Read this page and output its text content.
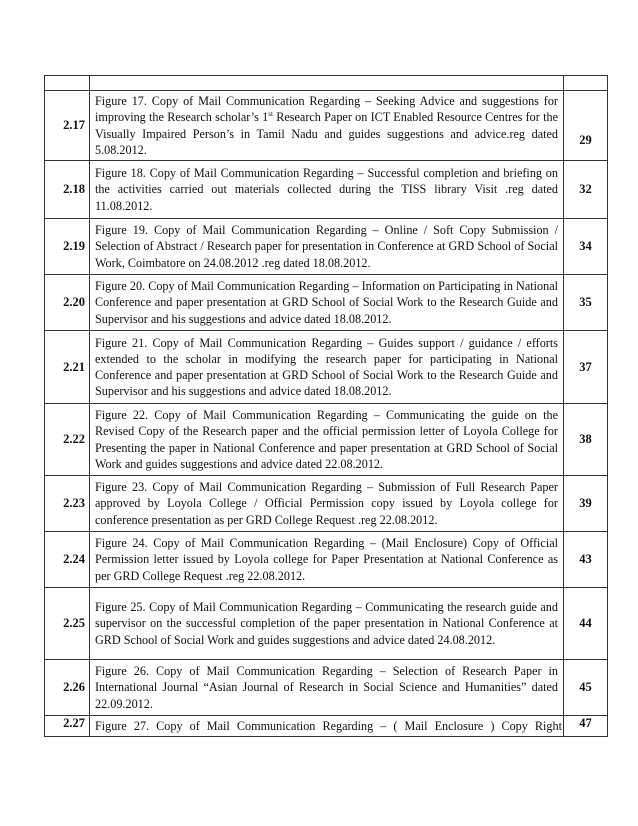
2.17	Figure 17. Copy of Mail Communication Regarding – Seeking Advice and suggestions for improving the Research scholar’s 1st Research Paper on ICT Enabled Resource Centres for the Visually Impaired Person’s in Tamil Nadu and guides suggestions and advice.reg dated 5.08.2012.	29
2.18	Figure 18. Copy of Mail Communication Regarding – Successful completion and briefing on the activities carried out materials collected during the TISS library Visit .reg dated 11.08.2012.	32
2.19	Figure 19. Copy of Mail Communication Regarding – Online / Soft Copy Submission / Selection of Abstract / Research paper for presentation in Conference at GRD School of Social Work, Coimbatore on 24.08.2012 .reg dated 18.08.2012.	34
2.20	Figure 20. Copy of Mail Communication Regarding – Information on Participating in National Conference and paper presentation at GRD School of Social Work to the Research Guide and Supervisor and his suggestions and advice dated 18.08.2012.	35
2.21	Figure 21. Copy of Mail Communication Regarding – Guides support / guidance / efforts extended to the scholar in modifying the research paper for participating in National Conference and paper presentation at GRD School of Social Work to the Research Guide and Supervisor and his suggestions and advice dated 18.08.2012.	37
2.22	Figure 22. Copy of Mail Communication Regarding – Communicating the guide on the Revised Copy of the Research paper and the official permission letter of Loyola College for Presenting the paper in National Conference and paper presentation at GRD School of Social Work and guides suggestions and advice dated 22.08.2012.	38
2.23	Figure 23. Copy of Mail Communication Regarding – Submission of Full Research Paper approved by Loyola College / Official Permission copy issued by Loyola college for conference presentation as per GRD College Request .reg 22.08.2012.	39
2.24	Figure 24. Copy of Mail Communication Regarding – (Mail Enclosure) Copy of Official Permission letter issued by Loyola college for Paper Presentation at National Conference as per GRD College Request .reg 22.08.2012.	43
2.25	Figure 25. Copy of Mail Communication Regarding – Communicating the research guide and supervisor on the successful completion of the paper presentation in National Conference at GRD School of Social Work and guides suggestions and advice dated 24.08.2012.	44
2.26	Figure 26. Copy of Mail Communication Regarding – Selection of Research Paper in International Journal “Asian Journal of Research in Social Science and Humanities” dated 22.09.2012.	45
2.27	Figure 27. Copy of Mail Communication Regarding – ( Mail Enclosure ) Copy Right	47
